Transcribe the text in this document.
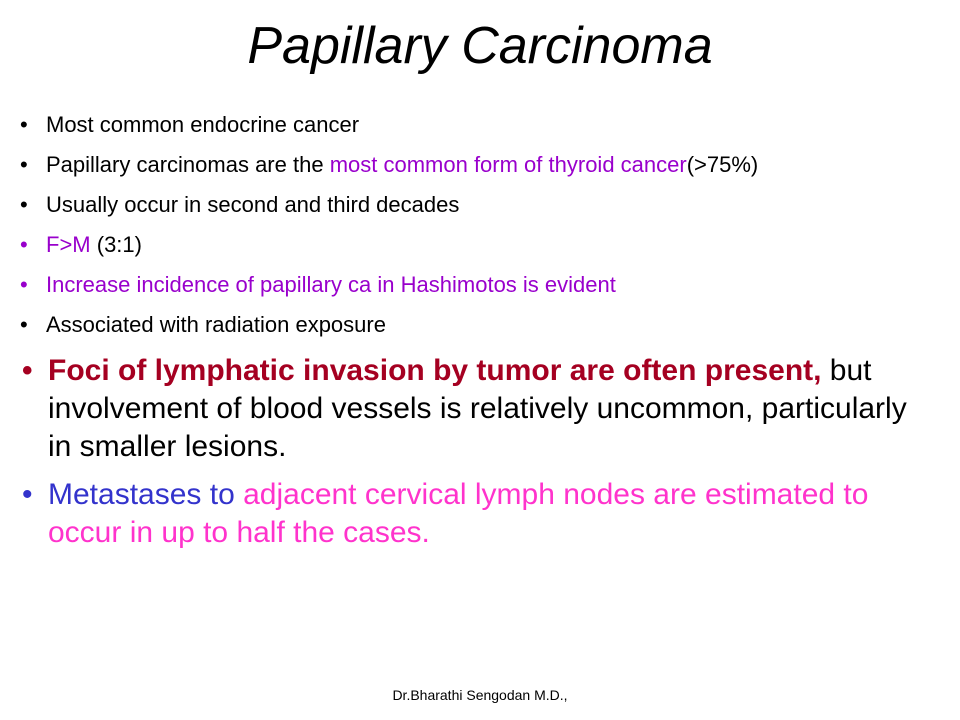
Papillary Carcinoma
• Most common endocrine cancer
• Papillary carcinomas are the most common form of thyroid cancer(>75%)
• Usually occur in second and third decades
• F>M (3:1)
• Increase incidence of papillary ca in Hashimotos is evident
• Associated with radiation exposure
• Foci of lymphatic invasion by tumor are often present, but involvement of blood vessels is relatively uncommon, particularly in smaller lesions.
• Metastases to adjacent cervical lymph nodes are estimated to occur in up to half the cases.
Dr.Bharathi Sengodan M.D.,
